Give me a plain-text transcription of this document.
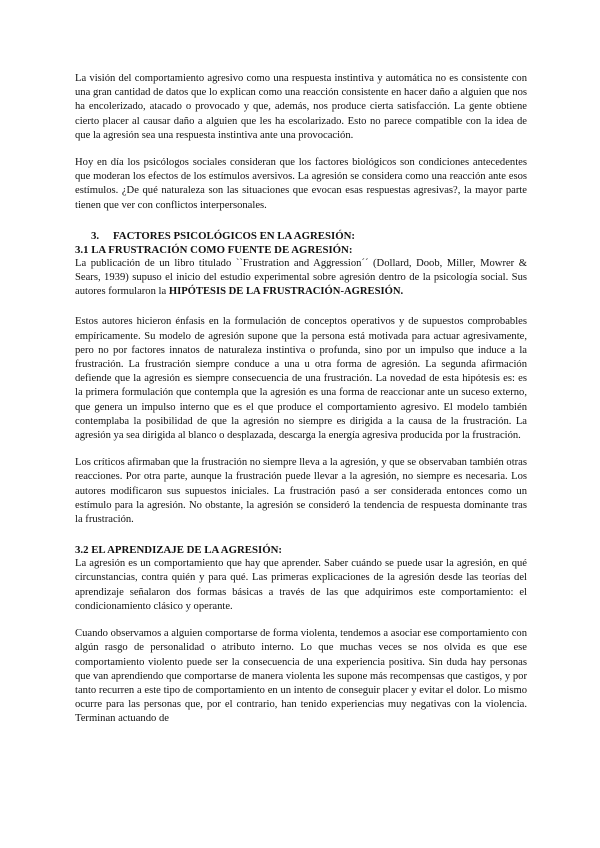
La visión del comportamiento agresivo como una respuesta instintiva y automática no es consistente con una gran cantidad de datos que lo explican como una reacción consistente en hacer daño a alguien que nos ha encolerizado, atacado o provocado y que, además, nos produce cierta satisfacción. La gente obtiene cierto placer al causar daño a alguien que les ha escolarizado. Esto no parece compatible con la idea de que la agresión sea una respuesta instintiva ante una provocación.

Hoy en día los psicólogos sociales consideran que los factores biológicos son condiciones antecedentes que moderan los efectos de los estímulos aversivos. La agresión se considera como una reacción ante esos estímulos. ¿De qué naturaleza son las situaciones que evocan esas respuestas agresivas?, la mayor parte tienen que ver con conflictos interpersonales.

3. FACTORES PSICOLÓGICOS EN LA AGRESIÓN:
3.1 LA FRUSTRACIÓN COMO FUENTE DE AGRESIÓN:

La publicación de un libro titulado ``Frustration and Aggression´´ (Dollard, Doob, Miller, Mowrer & Sears, 1939) supuso el inicio del estudio experimental sobre agresión dentro de la psicología social. Sus autores formularon la HIPÓTESIS DE LA FRUSTRACIÓN-AGRESIÓN.

Estos autores hicieron énfasis en la formulación de conceptos operativos y de supuestos comprobables empíricamente. Su modelo de agresión supone que la persona está motivada para actuar agresivamente, pero no por factores innatos de naturaleza instintiva o profunda, sino por un impulso que induce a la frustración. La frustración siempre conduce a una u otra forma de agresión. La segunda afirmación defiende que la agresión es siempre consecuencia de una frustración. La novedad de esta hipótesis es: es la primera formulación que contempla que la agresión es una forma de reaccionar ante un suceso externo, que genera un impulso interno que es el que produce el comportamiento agresivo. El modelo también contemplaba la posibilidad de que la agresión no siempre es dirigida a la causa de la frustración. La agresión ya sea dirigida al blanco o desplazada, descarga la energía agresiva producida por la frustración.

Los críticos afirmaban que la frustración no siempre lleva a la agresión, y que se observaban también otras reacciones. Por otra parte, aunque la frustración puede llevar a la agresión, no siempre es necesaria. Los autores modificaron sus supuestos iniciales. La frustración pasó a ser considerada entonces como un estímulo para la agresión. No obstante, la agresión se consideró la tendencia de respuesta dominante tras la frustración.

3.2 EL APRENDIZAJE DE LA AGRESIÓN:

La agresión es un comportamiento que hay que aprender. Saber cuándo se puede usar la agresión, en qué circunstancias, contra quién y para qué. Las primeras explicaciones de la agresión desde las teorías del aprendizaje señalaron dos formas básicas a través de las que adquirimos este comportamiento: el condicionamiento clásico y operante.

Cuando observamos a alguien comportarse de forma violenta, tendemos a asociar ese comportamiento con algún rasgo de personalidad o atributo interno. Lo que muchas veces se nos olvida es que ese comportamiento violento puede ser la consecuencia de una experiencia positiva. Sin duda hay personas que van aprendiendo que comportarse de manera violenta les supone más recompensas que castigos, y por tanto recurren a este tipo de comportamiento en un intento de conseguir placer y evitar el dolor. Lo mismo ocurre para las personas que, por el contrario, han tenido experiencias muy negativas con la violencia. Terminan actuando de
